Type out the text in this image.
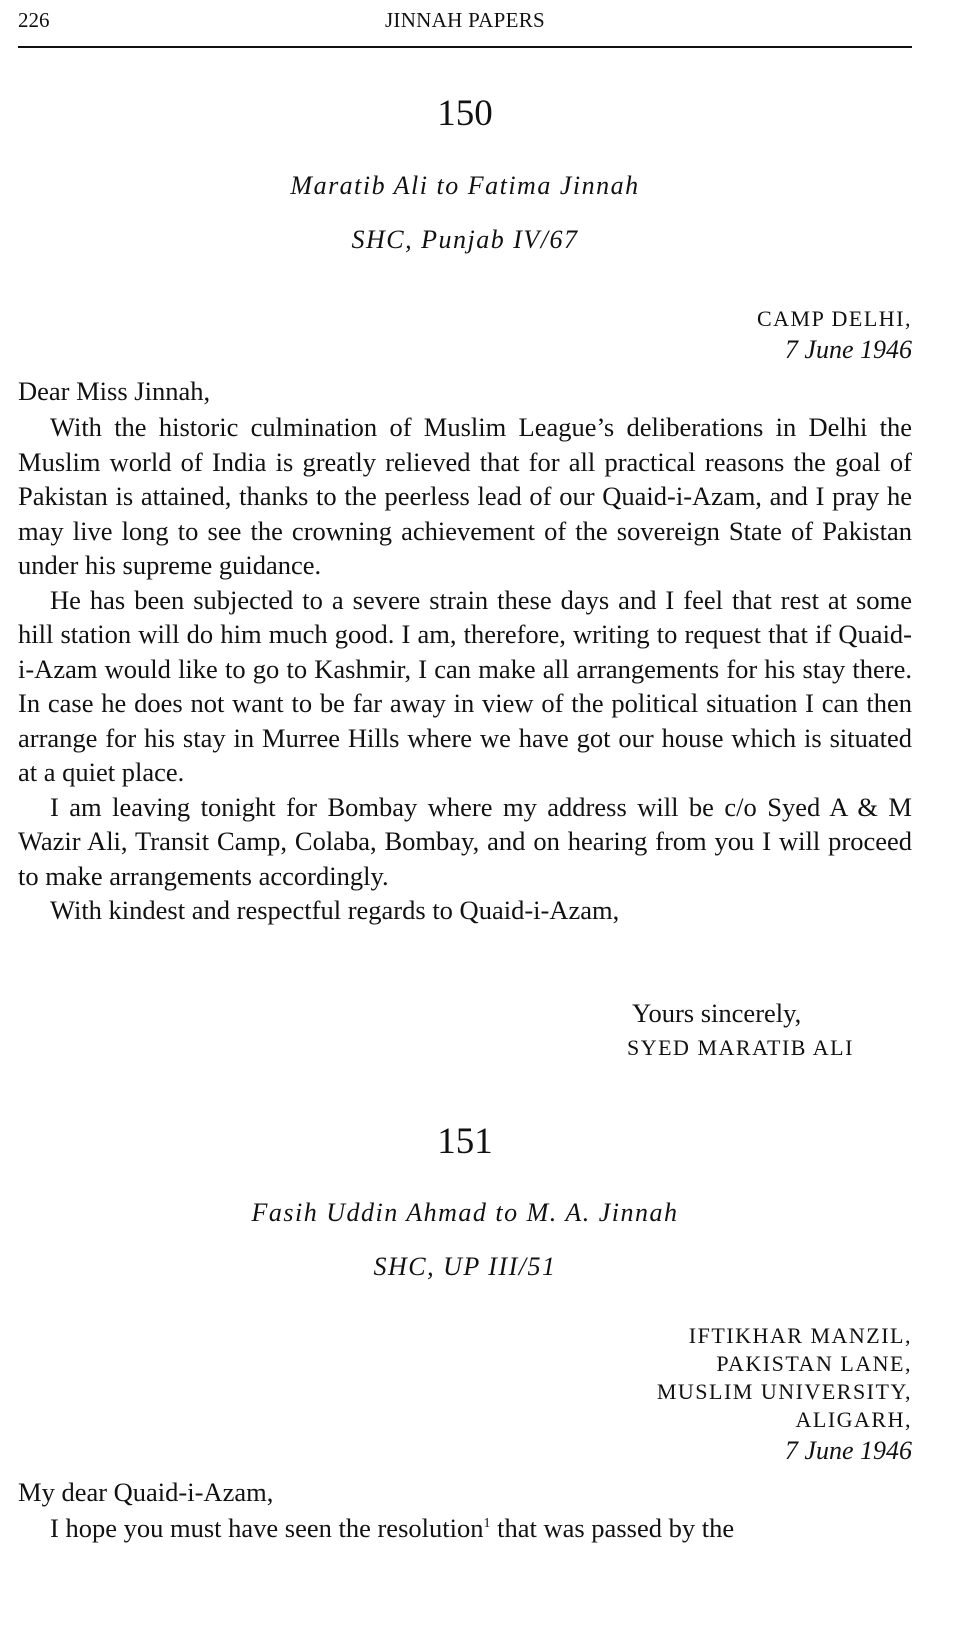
226	JINNAH PAPERS
150
Maratib Ali to Fatima Jinnah
SHC, Punjab IV/67
CAMP DELHI,
7 June 1946
Dear Miss Jinnah,

With the historic culmination of Muslim League’s deliberations in Delhi the Muslim world of India is greatly relieved that for all practical reasons the goal of Pakistan is attained, thanks to the peerless lead of our Quaid-i-Azam, and I pray he may live long to see the crowning achievement of the sovereign State of Pakistan under his supreme guidance.

He has been subjected to a severe strain these days and I feel that rest at some hill station will do him much good. I am, therefore, writing to request that if Quaid-i-Azam would like to go to Kashmir, I can make all arrangements for his stay there. In case he does not want to be far away in view of the political situation I can then arrange for his stay in Murree Hills where we have got our house which is situated at a quiet place.

I am leaving tonight for Bombay where my address will be c/o Syed A & M Wazir Ali, Transit Camp, Colaba, Bombay, and on hearing from you I will proceed to make arrangements accordingly.

With kindest and respectful regards to Quaid-i-Azam,

Yours sincerely,
SYED MARATIB ALI
151
Fasih Uddin Ahmad to M. A. Jinnah
SHC, UP III/51
IFTIKHAR MANZIL,
PAKISTAN LANE,
MUSLIM UNIVERSITY,
ALIGARH,
7 June 1946
My dear Quaid-i-Azam,

I hope you must have seen the resolution$^1$ that was passed by the
